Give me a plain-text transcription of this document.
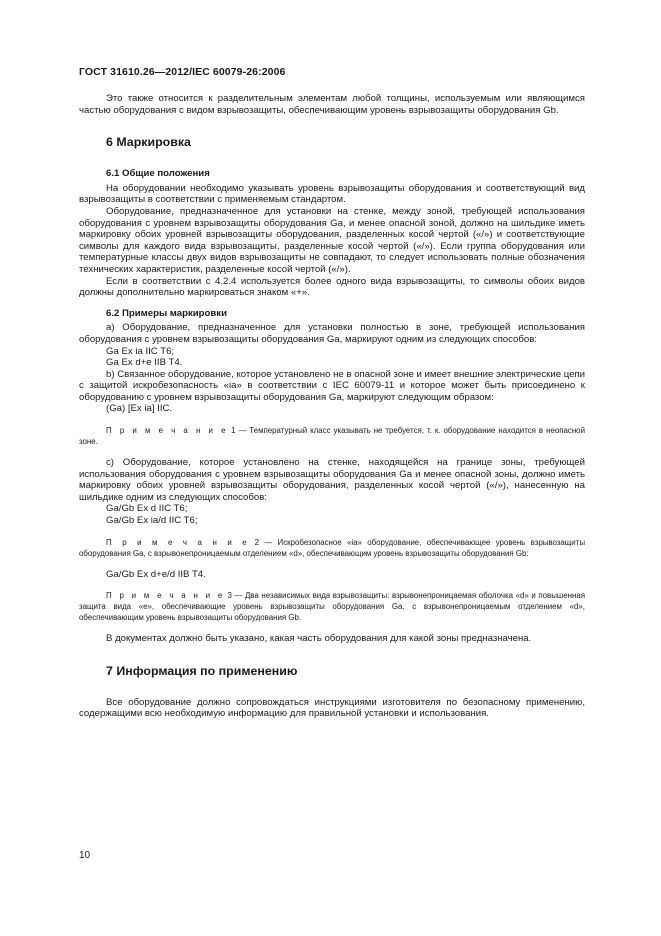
ГОСТ 31610.26—2012/IEC 60079-26:2006

Это также относится к разделительным элементам любой толщины, используемым или являющимся частью оборудования с видом взрывозащиты, обеспечивающим уровень взрывозащиты оборудования Gb.

6 Маркировка
6.1 Общие положения

На оборудовании необходимо указывать уровень взрывозащиты оборудования и соответствующий вид взрывозащиты в соответствии с применяемым стандартом.

Оборудование, предназначенное для установки на стенке, между зоной, требующей использования оборудования с уровнем взрывозащиты оборудования Ga, и менее опасной зоной, должно на шильдике иметь маркировку обоих уровней взрывозащиты оборудования, разделенных косой чертой («/») и соответствующие символы для каждого вида взрывозащиты, разделенные косой чертой («/»). Если группа оборудования или температурные классы двух видов взрывозащиты не совпадают, то следует использовать полные обозначения технических характеристик, разделенные косой чертой («/»).

Если в соответствии с 4.2.4 используется более одного вида взрывозащиты, то символы обоих видов должны дополнительно маркироваться знаком «+».

6.2 Примеры маркировки

а) Оборудование, предназначенное для установки полностью в зоне, требующей использования оборудования с уровнем взрывозащиты оборудования Ga, маркируют одним из следующих способов:

Ga Ex ia IIC T6;

Ga Ex d+e IIB T4.

b) Связанное оборудование, которое установлено не в опасной зоне и имеет внешние электрические цепи с защитой искробезопасность «ia» в соответствии с IEC 60079-11 и которое может быть присоединено к оборудованию с уровнем взрывозащиты оборудования Ga, маркируют следующим образом:

(Ga) [Ex ia] IIC.

П р и м е ч а н и е 1 — Температурный класс указывать не требуется, т. к. оборудование находится в неопасной зоне.

c) Оборудование, которое установлено на стенке, находящейся на границе зоны, требующей использования оборудования с уровнем взрывозащиты оборудования Ga и менее опасной зоны, должно иметь маркировку обоих уровней взрывозащиты оборудования, разделенных косой чертой («/»), нанесенную на шильдике одним из следующих способов:

Ga/Gb Ex d IIC T6;

Ga/Gb Ex ia/d IIC T6;

П р и м е ч а н и е 2 — Искробезопасное «ia» оборудование, обеспечивающее уровень взрывозащиты оборудования Ga, с взрывонепроницаемым отделением «d», обеспечивающим уровень взрывозащиты оборудования Gb:

Ga/Gb Ex d+e/d IIB T4.

П р и м е ч а н и е 3 — Два независимых вида взрывозащиты: взрывонепроницаемая оболочка «d» и повышенная защита вида «е», обеспечивающие уровень взрывозащиты оборудования Ga, с взрывонепроницаемым отделением «d», обеспечивающим уровень взрывозащиты оборудования Gb.

В документах должно быть указано, какая часть оборудования для какой зоны предназначена.

7 Информация по применению

Все оборудование должно сопровождаться инструкциями изготовителя по безопасному применению, содержащими всю необходимую информацию для правильной установки и использования.

10
